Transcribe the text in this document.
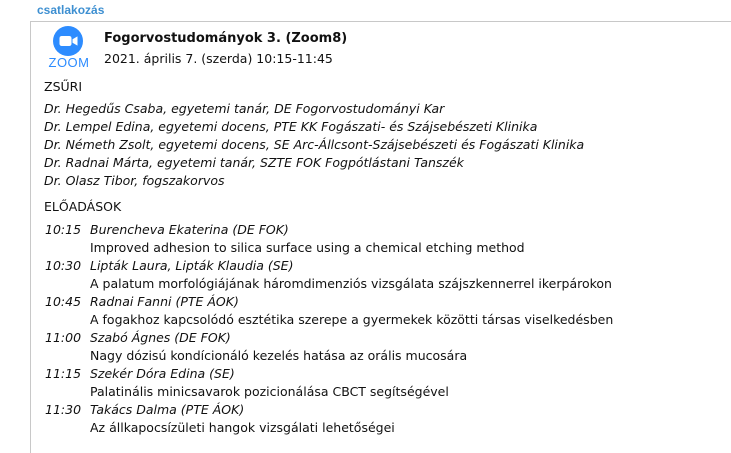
csatlakozás
ZOOM
Fogorvostudományok 3. (Zoom8)
2021. április 7. (szerda) 10:15-11:45
ZSŰRI
Dr. Hegedűs Csaba, egyetemi tanár, DE Fogorvostudományi Kar
Dr. Lempel Edina, egyetemi docens, PTE KK Fogászati- és Szájsebészeti Klinika
Dr. Németh Zsolt, egyetemi docens, SE Arc-Állcsont-Szájsebészeti és Fogászati Klinika
Dr. Radnai Márta, egyetemi tanár, SZTE FOK Fogpótlástani Tanszék
Dr. Olasz Tibor, fogszakorvos
ELŐADÁSOK
10:15 Burencheva Ekaterina (DE FOK)
Improved adhesion to silica surface using a chemical etching method
10:30 Lipták Laura, Lipták Klaudia (SE)
A palatum morfológiájának háromdimenziós vizsgálata szájszkennerrel ikerpárokon
10:45 Radnai Fanni (PTE ÁOK)
A fogakhoz kapcsolódó esztétika szerepe a gyermekek közötti társas viselkedésben
11:00 Szabó Ágnes (DE FOK)
Nagy dózisú kondícionáló kezelés hatása az orális mucosára
11:15 Szekér Dóra Edina (SE)
Palatinális minicsavarok pozicionálása CBCT segítségével
11:30 Takács Dalma (PTE ÁOK)
Az állkapocsízületi hangok vizsgálati lehetőségei
